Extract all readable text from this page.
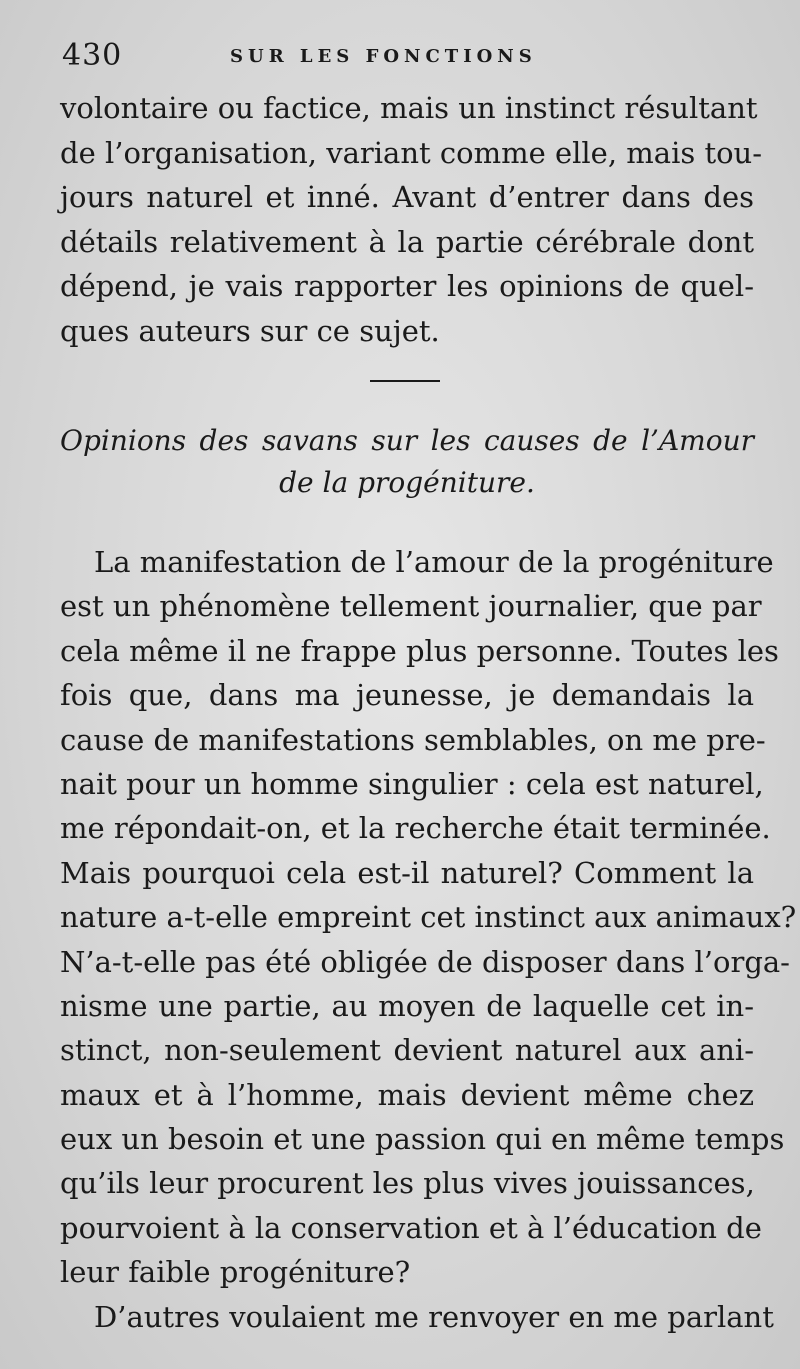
430	SUR LES FONCTIONS
volontaire ou factice, mais un instinct résultant
de l’organisation, variant comme elle, mais tou-
jours naturel et inné. Avant d’entrer dans des
détails relativement à la partie cérébrale dont
dépend, je vais rapporter les opinions de quel-
ques auteurs sur ce sujet.
Opinions des savans sur les causes de l’Amour
de la progéniture.
La manifestation de l’amour de la progéniture
est un phénomène tellement journalier, que par
cela même il ne frappe plus personne. Toutes les
fois que, dans ma jeunesse, je demandais la
cause de manifestations semblables, on me pre-
nait pour un homme singulier : cela est naturel,
me répondait-on, et la recherche était terminée.
Mais pourquoi cela est-il naturel? Comment la
nature a-t-elle empreint cet instinct aux animaux?
N’a-t-elle pas été obligée de disposer dans l’orga-
nisme une partie, au moyen de laquelle cet in-
stinct, non-seulement devient naturel aux ani-
maux et à l’homme, mais devient même chez
eux un besoin et une passion qui en même temps
qu’ils leur procurent les plus vives jouissances,
pourvoient à la conservation et à l’éducation de
leur faible progéniture?
D’autres voulaient me renvoyer en me parlant
